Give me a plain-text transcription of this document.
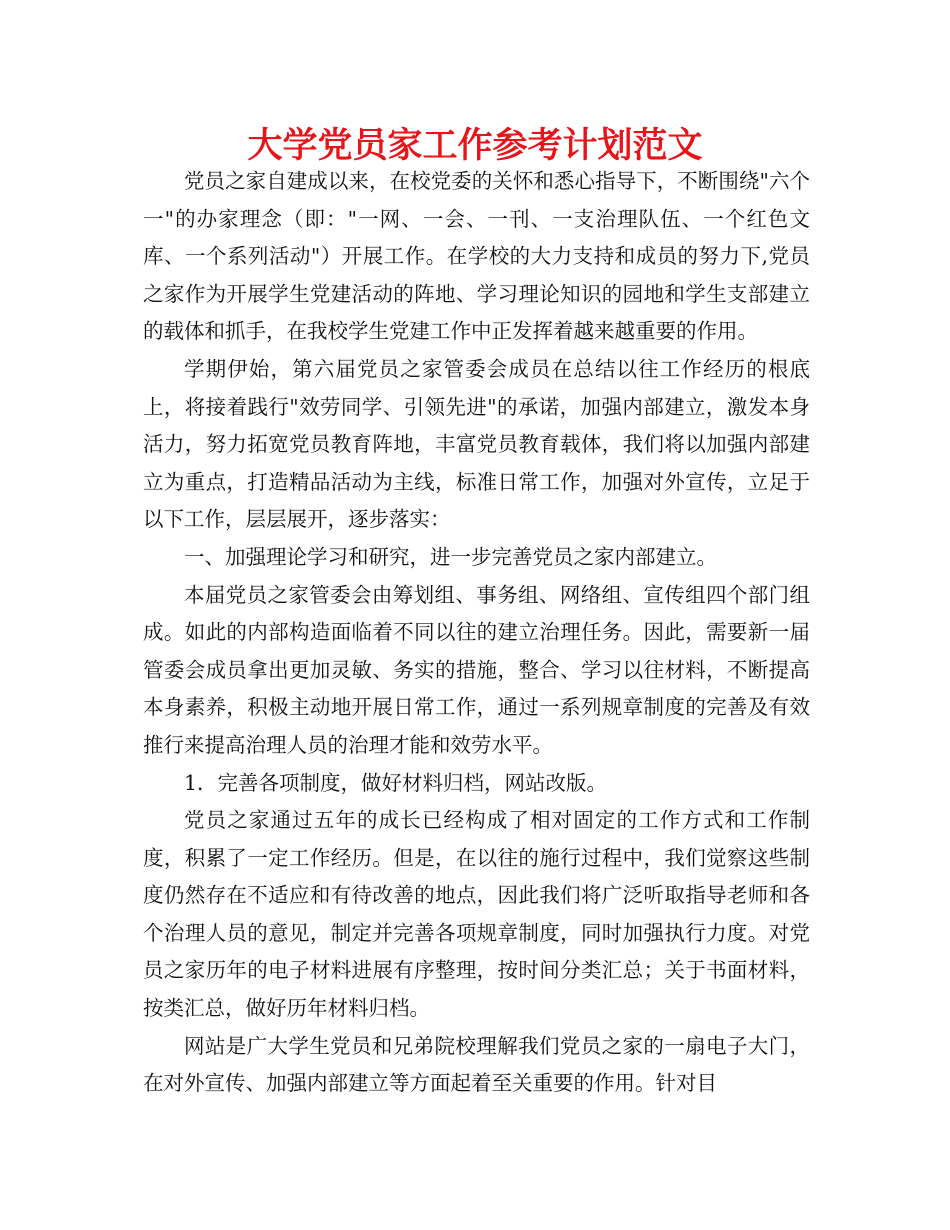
大学党员家工作参考计划范文

党员之家自建成以来，在校党委的关怀和悉心指导下，不断围绕"六个一"的办家理念（即："一网、一会、一刊、一支治理队伍、一个红色文库、一个系列活动"）开展工作。在学校的大力支持和成员的努力下,党员之家作为开展学生党建活动的阵地、学习理论知识的园地和学生支部建立的载体和抓手，在我校学生党建工作中正发挥着越来越重要的作用。

学期伊始，第六届党员之家管委会成员在总结以往工作经历的根底上，将接着践行"效劳同学、引领先进"的承诺，加强内部建立，激发本身活力，努力拓宽党员教育阵地，丰富党员教育载体，我们将以加强内部建立为重点，打造精品活动为主线，标准日常工作，加强对外宣传，立足于以下工作，层层展开，逐步落实：

一、加强理论学习和研究，进一步完善党员之家内部建立。

本届党员之家管委会由筹划组、事务组、网络组、宣传组四个部门组成。如此的内部构造面临着不同以往的建立治理任务。因此，需要新一届管委会成员拿出更加灵敏、务实的措施，整合、学习以往材料，不断提高本身素养，积极主动地开展日常工作，通过一系列规章制度的完善及有效推行来提高治理人员的治理才能和效劳水平。

1．完善各项制度，做好材料归档，网站改版。

党员之家通过五年的成长已经构成了相对固定的工作方式和工作制度，积累了一定工作经历。但是，在以往的施行过程中，我们觉察这些制度仍然存在不适应和有待改善的地点，因此我们将广泛听取指导老师和各个治理人员的意见，制定并完善各项规章制度，同时加强执行力度。对党员之家历年的电子材料进展有序整理，按时间分类汇总；关于书面材料，按类汇总，做好历年材料归档。

网站是广大学生党员和兄弟院校理解我们党员之家的一扇电子大门，在对外宣传、加强内部建立等方面起着至关重要的作用。针对目
